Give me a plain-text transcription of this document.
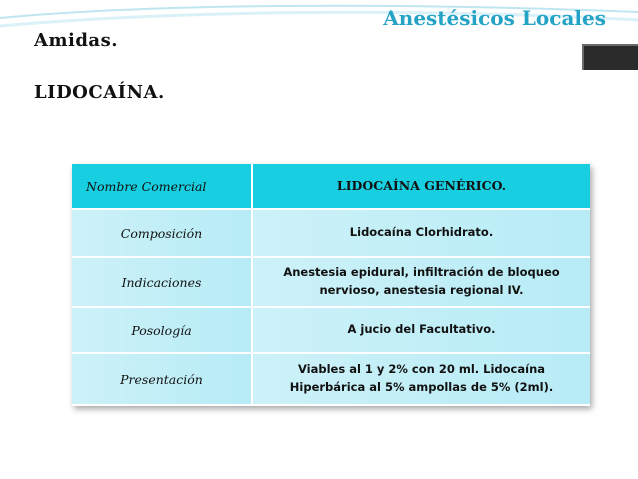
Anestésicos Locales
Amidas.
LIDOCAÍNA.
Nombre Comercial	LIDOCAÍNA GENÉRICO.
Composición	Lidocaína Clorhidrato.
Indicaciones	Anestesia epidural, infiltración de bloqueo nervioso, anestesia regional IV.
Posología	A jucio del Facultativo.
Presentación	Viables al 1 y 2% con 20 ml. Lidocaína Hiperbárica al 5% ampollas de 5% (2ml).
